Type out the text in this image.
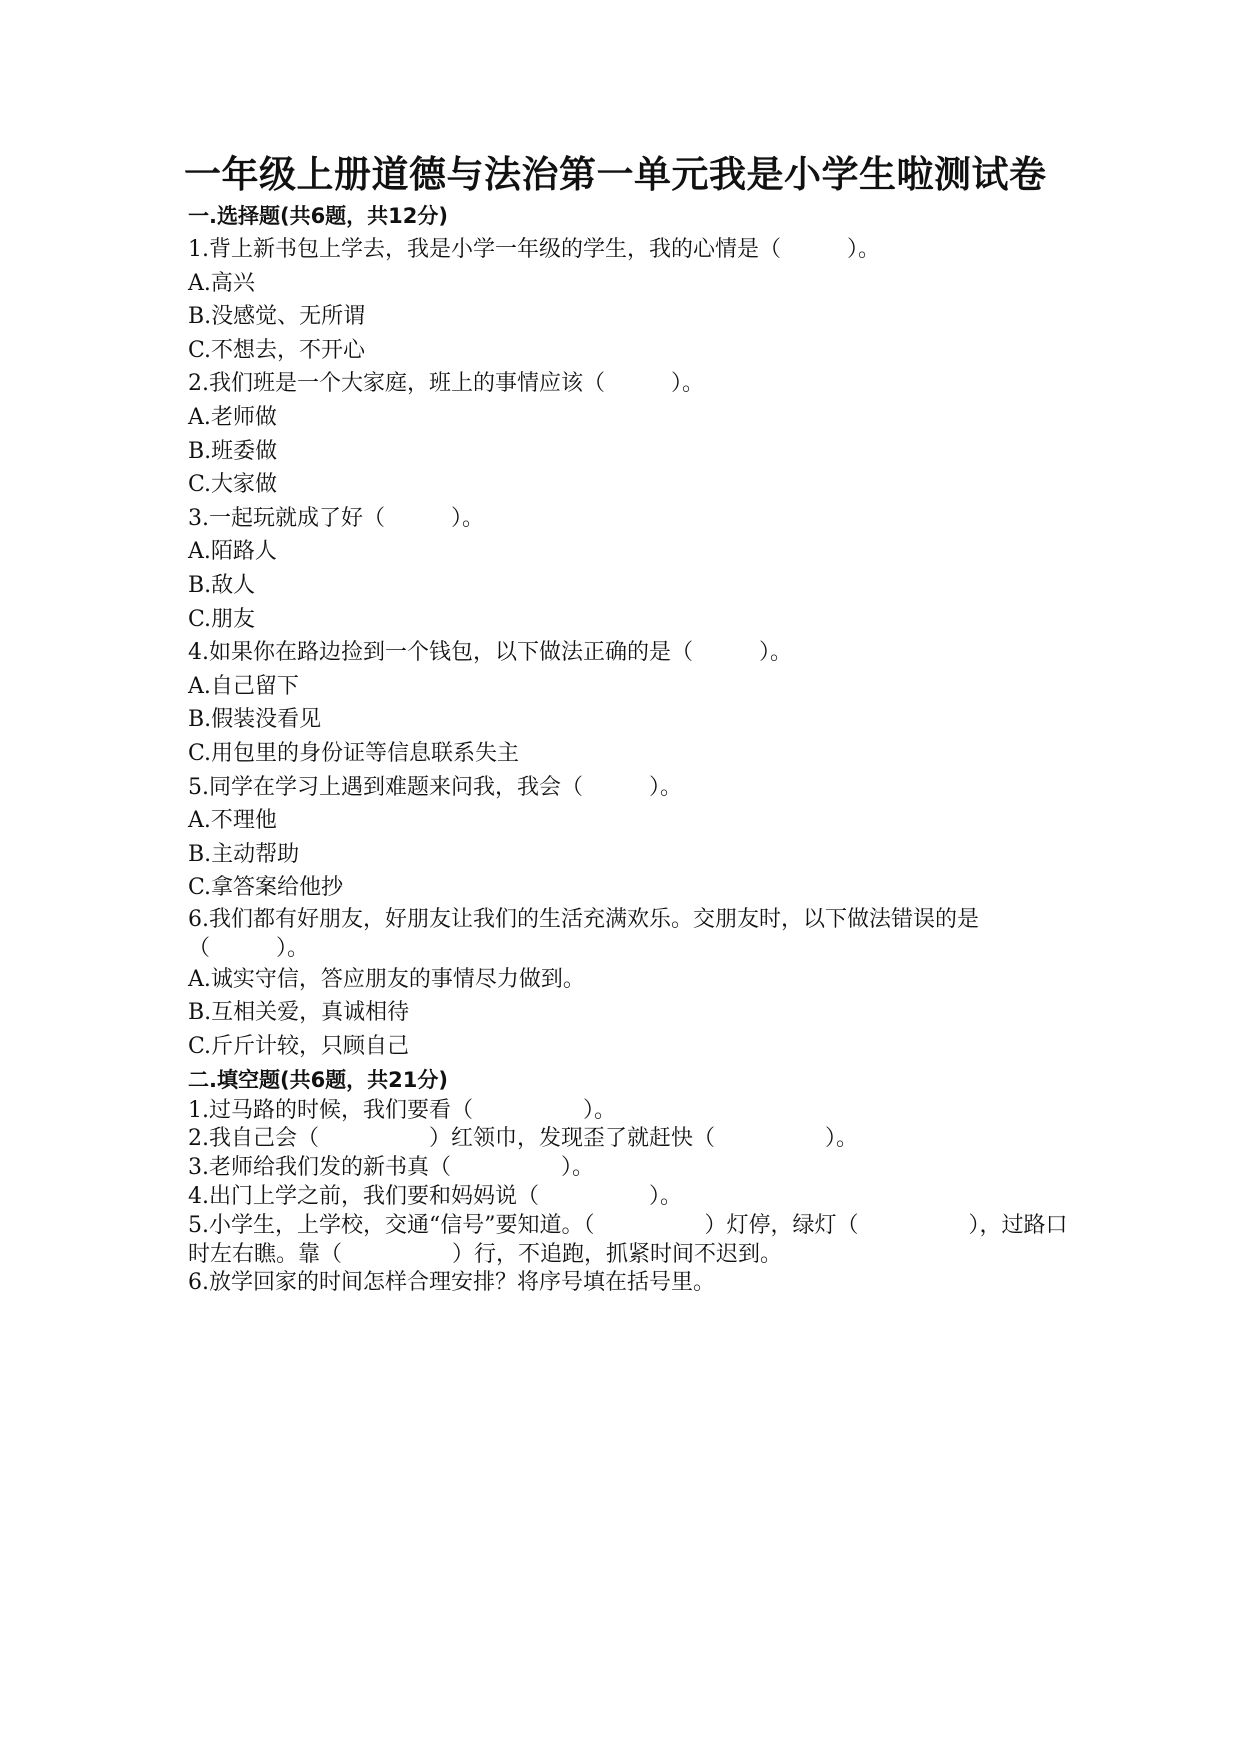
一年级上册道德与法治第一单元我是小学生啦测试卷
一.选择题(共6题，共12分)

1.背上新书包上学去，我是小学一年级的学生，我的心情是（　　　）。

A.高兴

B.没感觉、无所谓

C.不想去，不开心

2.我们班是一个大家庭，班上的事情应该（　　　）。

A.老师做

B.班委做

C.大家做

3.一起玩就成了好（　　　）。

A.陌路人

B.敌人

C.朋友

4.如果你在路边捡到一个钱包，以下做法正确的是（　　　）。

A.自己留下

B.假装没看见

C.用包里的身份证等信息联系失主

5.同学在学习上遇到难题来问我，我会（　　　）。

A.不理他

B.主动帮助

C.拿答案给他抄

6.我们都有好朋友，好朋友让我们的生活充满欢乐。交朋友时，以下做法错误的是（　　　）。

A.诚实守信，答应朋友的事情尽力做到。

B.互相关爱，真诚相待

C.斤斤计较，只顾自己

二.填空题(共6题，共21分)

1.过马路的时候，我们要看（　　　　　）。

2.我自己会（　　　　　）红领巾，发现歪了就赶快（　　　　　）。

3.老师给我们发的新书真（　　　　　）。

4.出门上学之前，我们要和妈妈说（　　　　　）。

5.小学生，上学校，交通“信号”要知道。（　　　　　）灯停，绿灯（　　　　　），过路口时左右瞧。靠（　　　　　）行，不追跑，抓紧时间不迟到。

6.放学回家的时间怎样合理安排？将序号填在括号里。
